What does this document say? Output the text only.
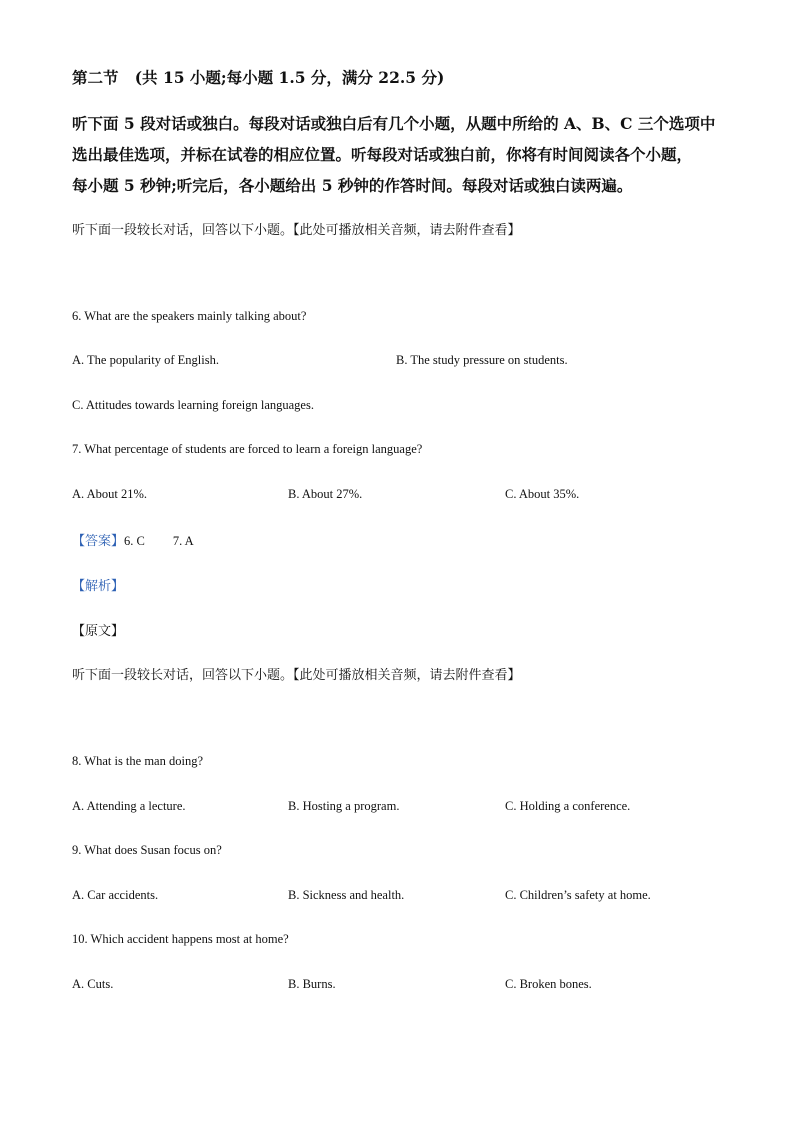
第二节 (共 15 小题;每小题 1.5 分，满分 22.5 分)
听下面 5 段对话或独白。每段对话或独白后有几个小题，从题中所给的 A、B、C 三个选项中
选出最佳选项，并标在试卷的相应位置。听每段对话或独白前，你将有时间阅读各个小题，
每小题 5 秒钟;听完后，各小题给出 5 秒钟的作答时间。每段对话或独白读两遍。
听下面一段较长对话，回答以下小题。【此处可播放相关音频，请去附件查看】
6. What are the speakers mainly talking about?
A. The popularity of English.	B. The study pressure on students.
C. Attitudes towards learning foreign languages.
7. What percentage of students are forced to learn a foreign language?
A. About 21%.	B. About 27%.	C. About 35%.
【答案】6. C 7. A
【解析】
【原文】
听下面一段较长对话，回答以下小题。【此处可播放相关音频，请去附件查看】
8. What is the man doing?
A. Attending a lecture.	B. Hosting a program.	C. Holding a conference.
9. What does Susan focus on?
A. Car accidents.	B. Sickness and health.	C. Children’s safety at home.
10. Which accident happens most at home?
A. Cuts.	B. Burns.	C. Broken bones.
